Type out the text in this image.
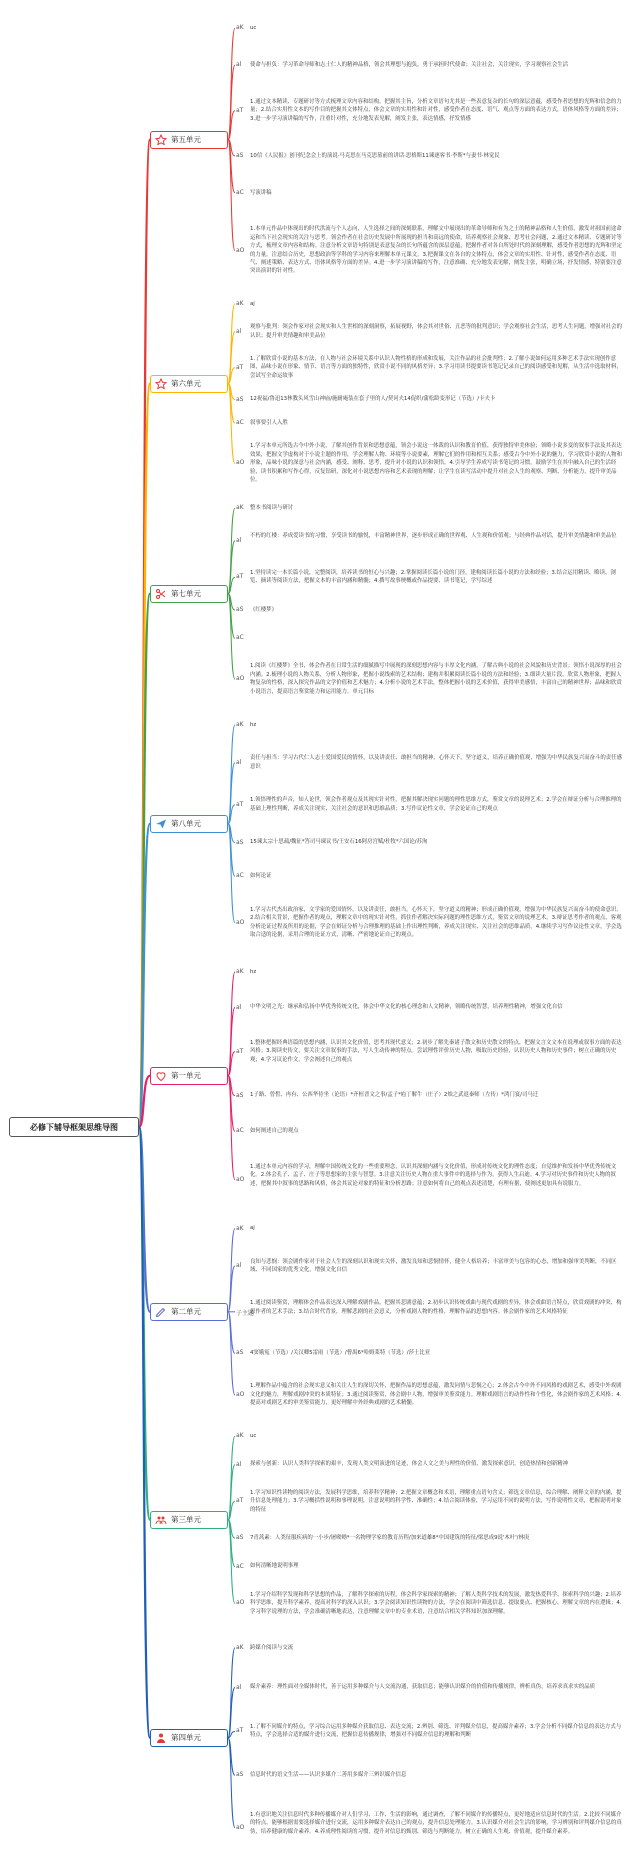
必修下辅导框架思维导图
aK uc
al 使命与担负：学习革命导师和志士仁人的精神品格，领会其理想与抱负，勇于承担时代使命；关注社会，关注现实，学习观察社会生活
aT
1.通过文本精读、专题研讨等方式梳理文章内容和结构，把握其主旨，分析文章语句尤其是一些表意复杂的长句的深层意蕴，感受作者思想的光辉和信念的力量；2.结合实用性文本的写作目的把握其文体特点，体会文章的实用性和针对性，感受作者在态度、语气、观点等方面的表达方式，语体风格等方面的差异；3.进一步学习演讲稿的写作，注重针对性，充分地发表见解，阐发主张，表达情感，抒发情感
aS 10信《人民报》创刊纪念会上的演说·马克思在马克思墓前的讲话·思格斯11谏逐客书·李斯*与妻书·林觉民
aC 写演讲稿
aO
1.本单元作品中体现出的时代洪流与个人志向，人生选择之间的深刻联系，理解文中展现出的革命导师和有为之士的精神品格和人生价值，激发对祖国前途命运和当下社会现实的关注与思考。领会作者在社会历史发展中所展现的担当和高远的使命，培养观察社会现象、思考社会问题，2.通过文本精读、专题研讨等方式，梳理文章内容和结构。注意分析文章语句特别是表意复杂的长句所蕴含的深层意蕴，把握作者对各自所处时代的深刻理解，感受作者思想的光辉和坚定的力量。注意结合历史，思想政治等学科的学习内容来理解本单元课文。3.把握课文在各自的文体特点，体会文章的实用性、针对性，感受作者在态度、语气、阐述策略、表达方式、语体风格等方面的差异。4.进一步学习演讲稿的写作，注意准确、充分地发表见解，阐发主张，明确立场，抒发情感，特别要注意突出演讲的针对性。
第五单元
aK aj
al
观察与批判：领会作家对社会现实和人生世相的深刻洞察，拓展视野，体会其对世俗、丑恶等的批判意识；学会观察社会生活，思考人生问题，增强对社会的认识；提升审美情趣和审美品位
aT
1.了解欣赏小说的基本方法，在人物与社会环境关系中认识人物性格的形成和发展，关注作品的社会批判性；2.了解小说如何运用多种艺术手法实现创作意图，品味小说在形象、情节、语言等方面的独特性，欣赏小说不同的风格差异；3.学习用读书提要读书笔记记录自己的阅读感受和见解，从生活中选取材料，尝试写全命运故事
aS 12祝福/鲁迅13林教头风雪山神庙/施耐庵装在套子里的人/契诃夫14促织/蒲松龄变形记（节选）/卡夫卡
aC 叙事要引人入胜
aO
1.学习本单元所选古今中外小说，了解其创作背景和思想意蕴，领会小说这一体裁的认识和教育价值，获得独特审美体验；领略小说多变的叙事手法及其表达效果，把握文学虚构对于小说主题的作用，学会理解人物、环境等小说要素，理解它们的作用和相互关系；感受古今中外小说的魅力，学习欣赏小说的人物和形象，品味小说的深意与社会内涵，感受、阐释、思考，提升对小说的认识和领悟。4.引导学生养成写读书笔记的习惯，鼓励学生在其中融入自己的生活经验，读书积累和写作心得，反复钻研，深化对小说思想内容和艺术表现的理解；让学生在读写活动中提升对社会人生的观察、判断、分析能力，提升审美品位。
第六单元
aK 整本书阅读与研讨
al
不朽的红楼：养成爱读书的习惯，享受读书的愉悦，丰富精神世界，逐步形成正确的世界观、人生观和价值观；与经典作品对话，提升审美情趣和审美品位
aT
1.坚持读完一本长篇小说，完整阅读，培养读书的恒心与兴趣；2.掌握阅读长篇小说的门径，建构阅读长篇小说的方法和经验；3.结合运用精读、略读、浏览、摘读等阅读方法，把握文本的丰富内涵和精髓；4.撰写故事梗概或作品提要、读书笔记，学写综述
aS 《红楼梦》
aC
aO
1.阅读《红楼梦》全书，体会作者在日常生活的细腻描写中展现的深刻思想内容与丰厚文化内涵，了解古典小说的社会风貌和历史背景；领悟小说深厚的社会内涵。2.梳理小说的人物关系，分析人物形象，把握小说线索的艺术结构；建构并积累阅读长篇小说的方法和经验；3.细读大量片段，欣赏人物形象，把握人物复杂的性格，深入探究作品的文学价值和艺术魅力；4.分析小说的艺术手法，整体把握小说的艺术价值，获得审美感悟，丰富自己的精神世界；品味和欣赏小说语言，提高语言鉴赏能力和运用能力。单元目标
第七单元
aK hz
al
责任与担当：学习古代仁人志士爱国爱民的情怀，以及讲责任、敢担当的精神，心怀天下，坚守道义，培养正确价值观，增强为中华民族复兴而奋斗的责任感意识
aT
1.领悟理性的声音，知人论世，领会作者观点及其现实针对性，把握其解决现实问题的理性思维方式，鉴赏文章的说理艺术；2.学会在辩证分析与合理推理的基础上理性判断，养成关注现实、关注社会的意识和思维品质；3.写作议论性文章，学会论证自己的观点
aS 15谏太宗十思疏/魏征*答司马谏议书/王安石16阿房宫赋/杜牧*六国论/苏洵
aC 如何论证
aO
1.学习古代杰出政治家，文学家的爱国情怀，以及讲责任，敢担当，心怀天下，坚守道义的精神；形成正确价值观，增强为中华民族复兴而奋斗的使命意识。2.结合相关背景，把握作者的观点，理解文章中的现实针对性，抓住作者解决实际问题的理性思维方式，鉴赏文章的说理艺术。3.辩证思考作者的观点，客观分析论证过程及所用的论据，学会在辩证分析与合理推理的基础上作出理性判断，养成关注现实、关注社会的思维品质。4.继续学习写作议论性文章，学会选取合适的论据，采用合理的论证方式，清晰、严密地论证自己的观点。
第八单元
aK hz
al 中华文明之光：继承和弘扬中华优秀传统文化，体会中华文化的核心理念和人文精神，领略传统智慧，培养理性精神，增强文化自信
aT
1.整体把握经典语篇的思想内涵，认识其文化价值，思考其现代意义；2.初步了解先秦诸子散文和历史散文的特点，把握文言文文本在说理或叙事方面的表达风格；3.阅读史传文，要关注文章叙事的手法，写人生动传神的特点。尝试理性评价历史人物，吸取历史经验，认识历史人物和历史事件；树立正确的历史观；4.学习议论作文，学会阐述自己的观点
aS 1子路、曾皙、冉有、公西华侍坐（论语）*齐桓晋文之事/孟子*庖丁解牛（庄子）2烛之武退秦师（左传）*鸿门宴/司马迁
aC 如何阐述自己的观点
aO
1.通过本单元内容的学习，理解中国传统文化的一些重要理念，认识其深刻内涵与文化价值，形成对传统文化的理性态度；自觉维护和发扬中华优秀传统文化。2.体会孔子、孟子、庄子等思想家的主张与智慧。3.注意关注历史人物在重大事件中的选择与作为，获得人生启迪。4.学习对历史事件和历史人物的叙述，把握其中叙事的思路和风格，体会其议论对象的特征和分析思路；注意如何将自己的观点表述清楚，有理有据，使阐述更加具有说服力。
第一单元
aK aj
al
良知与悲悯：领会剧作家对于社会人生的深刻认识和现实关怀，激发良知和悲悯情怀，健全人格培养；丰富审美与包容的心态，增加和强审美判断，不同区域、不同国家的优秀文化，增强文化自信
子主题
1.通过阅读鉴赏，理解体会作品表达深入理解戏剧作品，把握其悲剧意蕴；2.初步认识传统戏曲与现代戏剧的差异，体会戏曲语言特点，欣赏戏剧的冲突、构思作者的艺术手法；3.结合时代背景，理解悲剧的社会意义，分析戏剧人物的性格，理解作品的思想内容。体会剧作家的艺术风格特征
aS 4窦娥冤（节选）/关汉卿5雷雨（节选）/曹禺6*哈姆莱特（节选）/莎士比亚
aO
1.理解作品中蕴含的社会现实意义和关注人生的深切关怀，把握作品的思想意蕴，激发同情与悲悯之心；2.体会古今中外不同风格的戏剧艺术，感受中外戏剧文化的魅力，理解戏剧冲突的本质特征；3.通过阅读鉴赏，体会剧中人物，增强审美鉴赏能力。理解戏剧语言的动作性和个性化，体会剧作家的艺术风格；4.提高对戏剧艺术的审美鉴赏能力，更好理解中外经典戏剧的艺术精髓。
第二单元
aK uc
al 探索与创新：认识人类科学探索的艰辛，发现人类文明演进的足迹，体会人文之美与理性的价值，激发探索意识，创造热情和创新精神
aT
1.学习知识性读物的阅读方法，发展科学思维，培养科学精神；2.把握文章概念和术语，理解重点语句含义；筛选文章信息，综合理解、阐释文章的内涵，提升信息处理能力；3.学习概括性说明和事理说明，注意说明的科学性、准确性；4.结合阅读体验，学习运用不同的说明方法，写作说明性文章，把握说明对象的特征
aS 7青蒿素：人类征服疾病的一小步/屠呦呦*一名物理学家的教育历程/加来道雄8*中国建筑的特征/梁思成9说'木叶'/林庚
aC 如何清晰地说明事理
aO
1.学习介绍科学发现和科学思想的作品，了解科学探索的历程，体会科学家探索的精神；了解人类科学技术的发展，激发热爱科学、探索科学的兴趣；2.培养科学思维，提升科学素养，提高对科学的深入认识；3.学会阅读知识性读物的方法，学会在阅读中筛选信息、提取要点、把握核心，理解文章的内在逻辑；4.学习科学说理的方法，学会准确清晰地表达，注意理解文章中的专业术语，注意结合相关学科知识加深理解。
第三单元
aK 跨媒介阅读与交流
al 媒介素养：理性面对全媒体时代，善于运用多种媒介与人交流沟通，获取信息；能够认识媒介的价值和传播规律，辨析真伪，培养求真求实的品质
aT
1.了解不同媒介的特点，学习综合运用多种媒介获取信息、表达交流；2.辨别、筛选、评判媒介信息，提高媒介素养；3.学会分析不同媒介信息的表达方式与特点，学会选择合适的媒介进行交流，把握信息传播规律，增强对不同媒介信息的理解和判断
aS 信息时代的语文生活——认识多媒介二善用多媒介三辨识媒介信息
aO
1.有意识地关注信息时代多种传播媒介对人们学习、工作、生活的影响，通过调查，了解不同媒介的传播特点，更好地适应信息时代的生活。2.比较不同媒介的特点，能够根据需要选择媒介进行交流，运用多种媒介表达自己的观点，提升信息处理能力。3.认识媒介对社会生活的影响，学习辨别和评判媒介信息的真伪，培养健康的媒介素养。4.养成理性阅读的习惯，提升对信息的甄别、筛选与判断能力，树立正确的人生观、价值观，提升媒介素养。
第四单元
